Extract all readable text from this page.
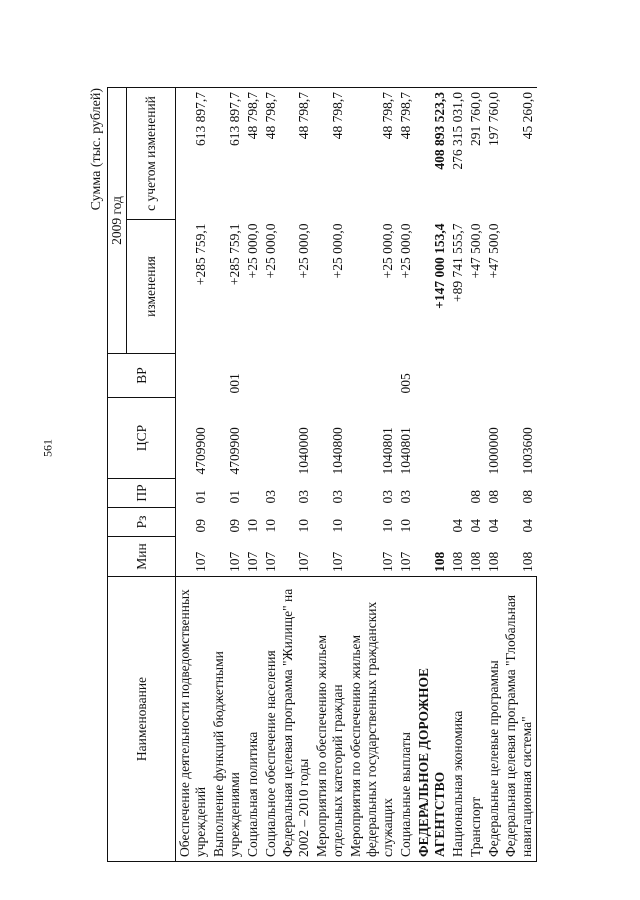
561
Сумма (тыс. рублей)
Наименование	Мин	Рз	ПР	ЦСР	ВР	2009 год	
						изменения	с учетом изменений
Обеспечение деятельности подведомственных учреждений	107	09	01	4709900		+285 759,1	613 897,7
Выполнение функций бюджетными учреждениями	107	09	01	4709900	001	+285 759,1	613 897,7
Социальная политика	107	10				+25 000,0	48 798,7
Социальное обеспечение населения	107	10	03			+25 000,0	48 798,7
Федеральная целевая программа "Жилище" на 2002 – 2010 годы	107	10	03	1040000		+25 000,0	48 798,7
Мероприятия по обеспечению жильем отдельных категорий граждан	107	10	03	1040800		+25 000,0	48 798,7
Мероприятия по обеспечению жильем федеральных государственных гражданских служащих	107	10	03	1040801		+25 000,0	48 798,7
Социальные выплаты	107	10	03	1040801	005	+25 000,0	48 798,7
ФЕДЕРАЛЬНОЕ ДОРОЖНОЕ АГЕНТСТВО	108					+147 000 153,4	408 893 523,3
Национальная экономика	108	04				+89 741 555,7	276 315 031,0
Транспорт	108	04	08			+47 500,0	291 760,0
Федеральные целевые программы	108	04	08	1000000		+47 500,0	197 760,0
Федеральная целевая программа "Глобальная навигационная система"	108	04	08	1003600			45 260,0
